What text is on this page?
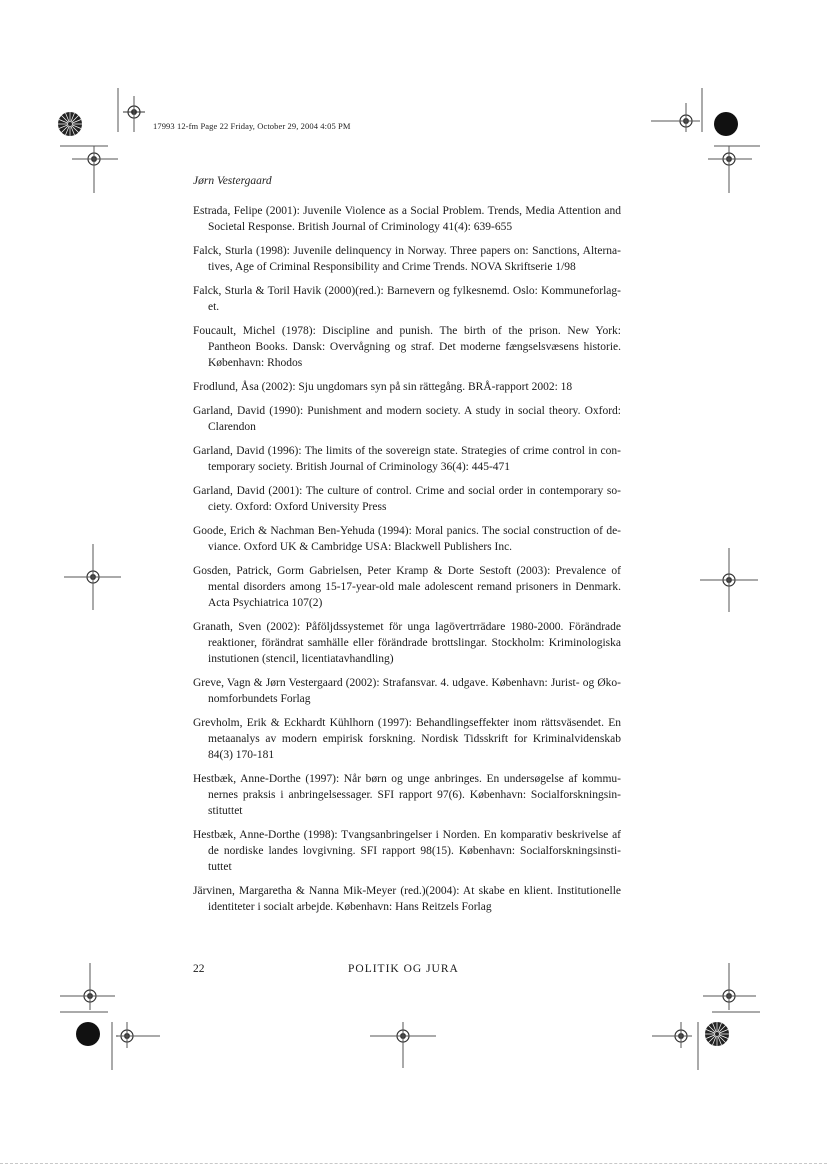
17993 12-fm Page 22 Friday, October 29, 2004 4:05 PM
Jørn Vestergaard

Estrada, Felipe (2001): Juvenile Violence as a Social Problem. Trends, Media Attention and Societal Response. British Journal of Criminology 41(4): 639-655

Falck, Sturla (1998): Juvenile delinquency in Norway. Three papers on: Sanctions, Alterna-tives, Age of Criminal Responsibility and Crime Trends. NOVA Skriftserie 1/98

Falck, Sturla & Toril Havik (2000)(red.): Barnevern og fylkesnemd. Oslo: Kommuneforlag-et.

Foucault, Michel (1978): Discipline and punish. The birth of the prison. New York: Pantheon Books. Dansk: Overvågning og straf. Det moderne fængselsvæsens historie. København: Rhodos

Frodlund, Åsa (2002): Sju ungdomars syn på sin rättegång. BRÅ-rapport 2002: 18

Garland, David (1990): Punishment and modern society. A study in social theory. Oxford: Clarendon

Garland, David (1996): The limits of the sovereign state. Strategies of crime control in con-temporary society. British Journal of Criminology 36(4): 445-471

Garland, David (2001): The culture of control. Crime and social order in contemporary so-ciety. Oxford: Oxford University Press

Goode, Erich & Nachman Ben-Yehuda (1994): Moral panics. The social construction of de-viance. Oxford UK & Cambridge USA: Blackwell Publishers Inc.

Gosden, Patrick, Gorm Gabrielsen, Peter Kramp & Dorte Sestoft (2003): Prevalence of mental disorders among 15-17-year-old male adolescent remand prisoners in Denmark. Acta Psychiatrica 107(2)

Granath, Sven (2002): Påföljdssystemet för unga lagövertrrädare 1980-2000. Förändrade reaktioner, förändrat samhälle eller förändrade brottslingar. Stockholm: Kriminologiska instutionen (stencil, licentiatavhandling)

Greve, Vagn & Jørn Vestergaard (2002): Strafansvar. 4. udgave. København: Jurist- og Øko-nomforbundets Forlag

Grevholm, Erik & Eckhardt Kühlhorn (1997): Behandlingseffekter inom rättsväsendet. En metaanalys av modern empirisk forskning. Nordisk Tidsskrift for Kriminalvidenskab 84(3) 170-181

Hestbæk, Anne-Dorthe (1997): Når børn og unge anbringes. En undersøgelse af kommu-nernes praksis i anbringelsessager. SFI rapport 97(6). København: Socialforskningsin-stituttet

Hestbæk, Anne-Dorthe (1998): Tvangsanbringelser i Norden. En komparativ beskrivelse af de nordiske landes lovgivning. SFI rapport 98(15). København: Socialforskningsinsti-tuttet

Järvinen, Margaretha & Nanna Mik-Meyer (red.)(2004): At skabe en klient. Institutionelle identiteter i socialt arbejde. København: Hans Reitzels Forlag

22	POLITIK OG JURA
